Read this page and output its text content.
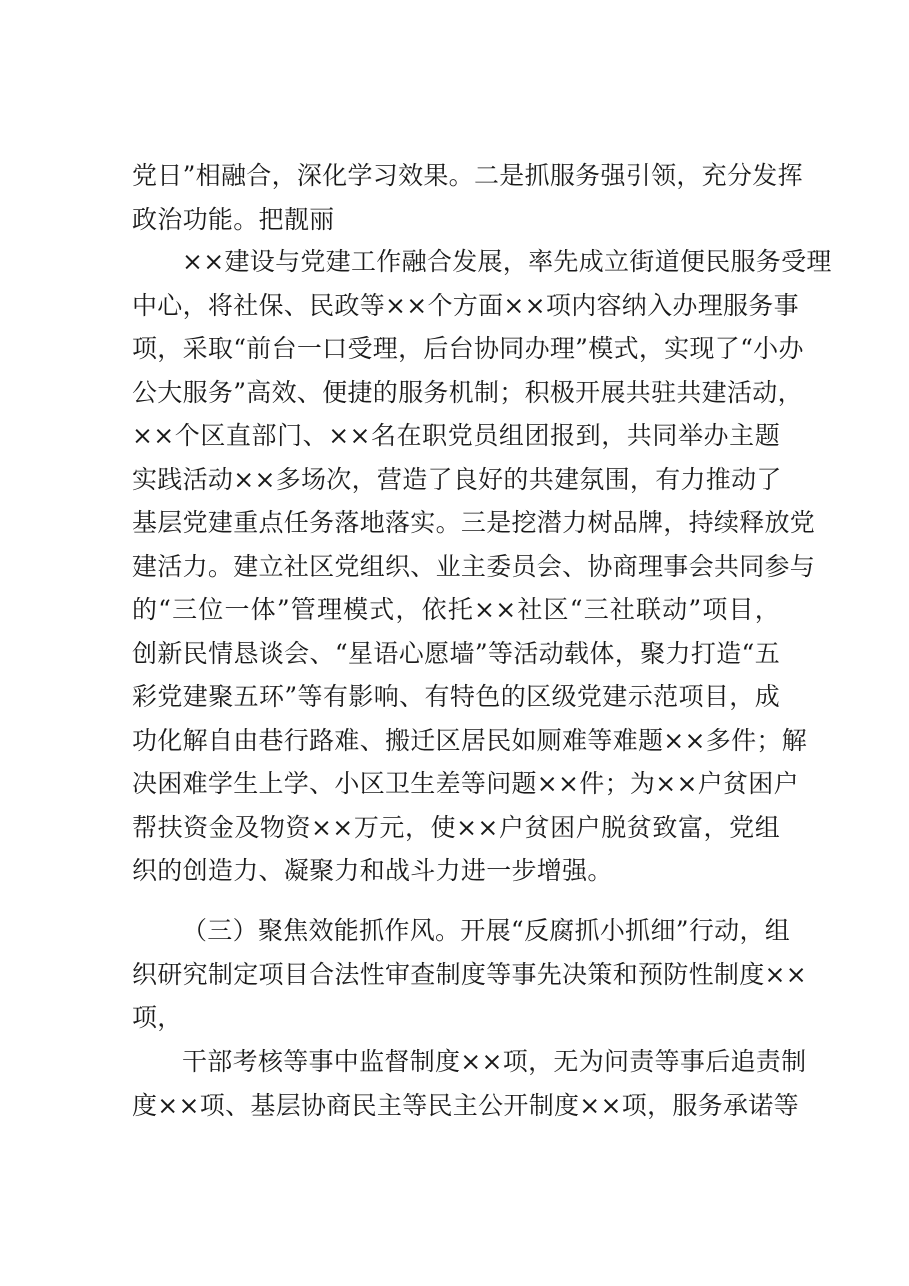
党日”相融合，深化学习效果。二是抓服务强引领，充分发挥
政治功能。把靓丽
××建设与党建工作融合发展，率先成立街道便民服务受理
中心，将社保、民政等××个方面××项内容纳入办理服务事
项，采取“前台一口受理，后台协同办理”模式，实现了“小办
公大服务”高效、便捷的服务机制；积极开展共驻共建活动，
××个区直部门、××名在职党员组团报到，共同举办主题
实践活动××多场次，营造了良好的共建氛围，有力推动了
基层党建重点任务落地落实。三是挖潜力树品牌，持续释放党
建活力。建立社区党组织、业主委员会、协商理事会共同参与
的“三位一体”管理模式，依托××社区“三社联动”项目，
创新民情恳谈会、“星语心愿墙”等活动载体，聚力打造“五
彩党建聚五环”等有影响、有特色的区级党建示范项目，成
功化解自由巷行路难、搬迁区居民如厕难等难题××多件；解
决困难学生上学、小区卫生差等问题××件；为××户贫困户
帮扶资金及物资××万元，使××户贫困户脱贫致富，党组
织的创造力、凝聚力和战斗力进一步增强。
（三）聚焦效能抓作风。开展“反腐抓小抓细”行动，组
织研究制定项目合法性审查制度等事先决策和预防性制度××
项，
干部考核等事中监督制度××项，无为问责等事后追责制
度××项、基层协商民主等民主公开制度××项，服务承诺等
